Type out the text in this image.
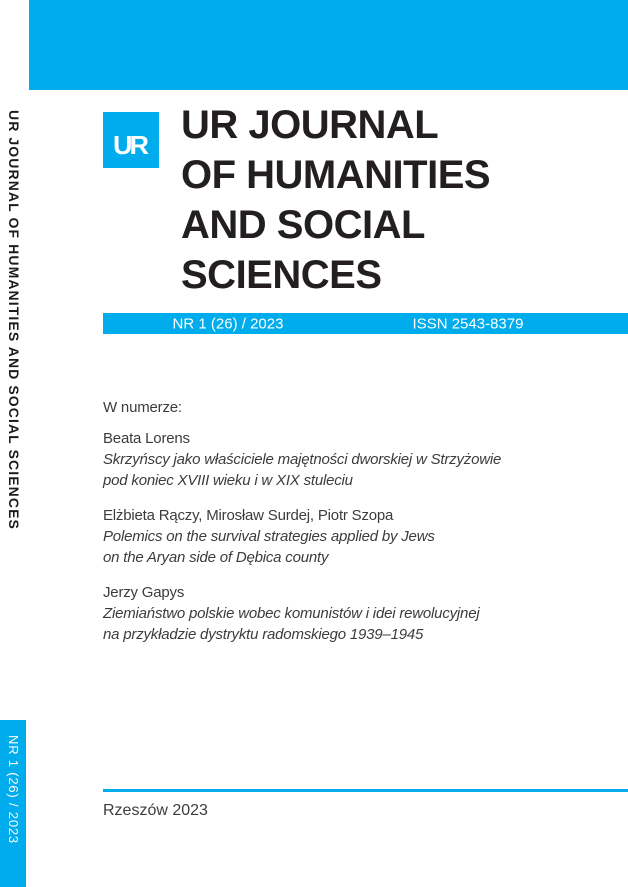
UR JOURNAL OF HUMANITIES AND SOCIAL SCIENCES
NR 1 (26) / 2023
UR UR JOURNAL
OF HUMANITIES
AND SOCIAL
SCIENCES
NR 1 (26) / 2023	ISSN 2543-8379

W numerze:

Beata Lorens

Skrzyńscy jako właściciele majętności dworskiej w Strzyżowie

pod koniec XVIII wieku i w XIX stuleciu

Elżbieta Rączy, Mirosław Surdej, Piotr Szopa

Polemics on the survival strategies applied by Jews

on the Aryan side of Dębica county

Jerzy Gapys

Ziemiaństwo polskie wobec komunistów i idei rewolucyjnej

na przykładzie dystryktu radomskiego 1939–1945

Rzeszów 2023
